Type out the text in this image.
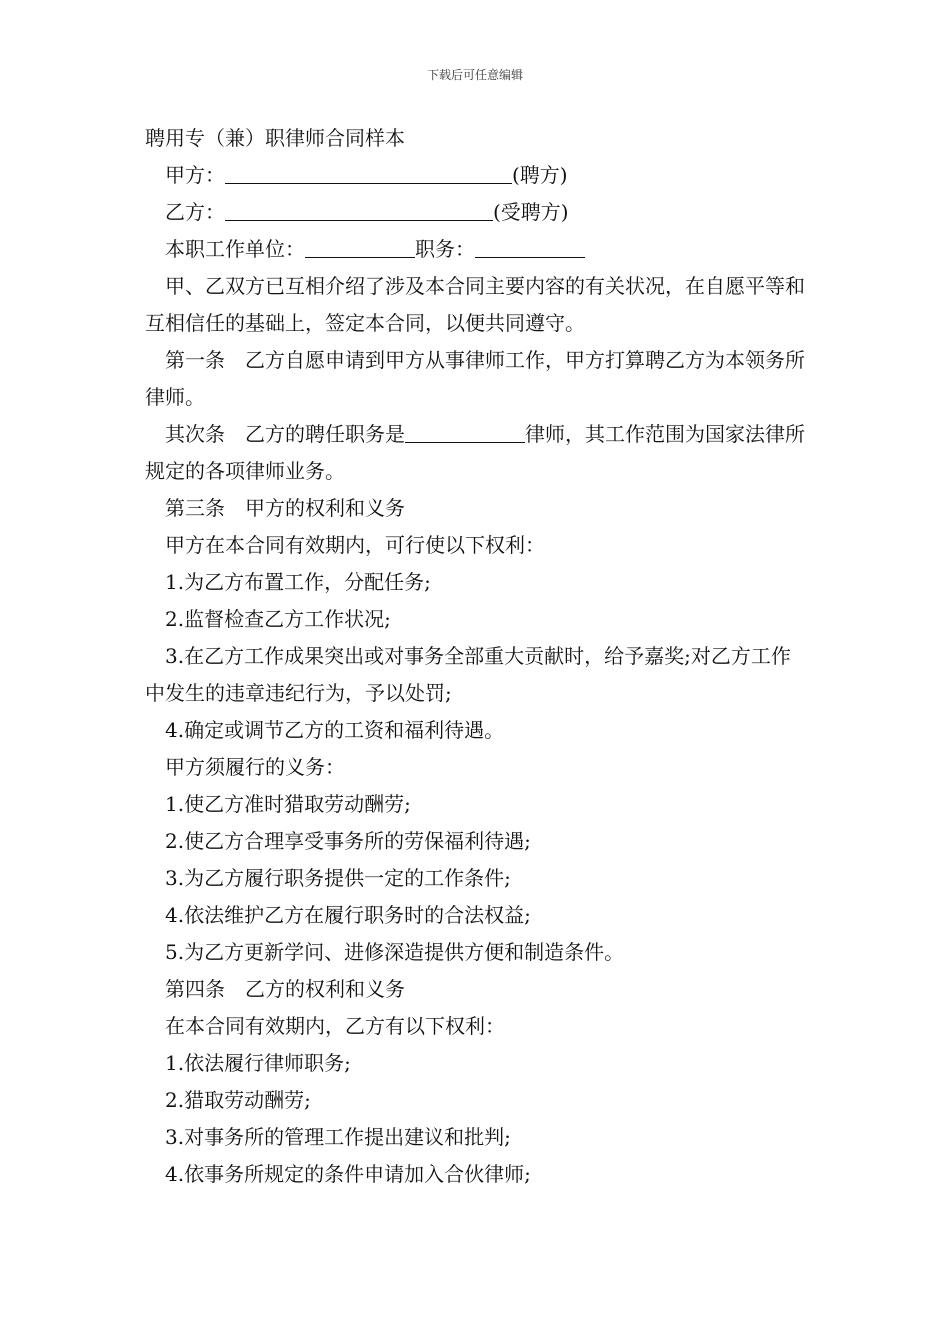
下载后可任意编辑
聘用专（兼）职律师合同样本
甲方：	(聘方)
乙方：	(受聘方)
本职工作单位：	职务：
甲、乙双方已互相介绍了涉及本合同主要内容的有关状况，在自愿平等和互相信任的基础上，签定本合同，以便共同遵守。
第一条　乙方自愿申请到甲方从事律师工作，甲方打算聘乙方为本领务所律师。
其次条　乙方的聘任职务是	律师，其工作范围为国家法律所规定的各项律师业务。
第三条　甲方的权利和义务
甲方在本合同有效期内，可行使以下权利：
1.为乙方布置工作，分配任务;
2.监督检查乙方工作状况;
3.在乙方工作成果突出或对事务全部重大贡献时，给予嘉奖;对乙方工作中发生的违章违纪行为，予以处罚;
4.确定或调节乙方的工资和福利待遇。
甲方须履行的义务：
1.使乙方准时猎取劳动酬劳;
2.使乙方合理享受事务所的劳保福利待遇;
3.为乙方履行职务提供一定的工作条件;
4.依法维护乙方在履行职务时的合法权益;
5.为乙方更新学问、进修深造提供方便和制造条件。
第四条　乙方的权利和义务
在本合同有效期内，乙方有以下权利：
1.依法履行律师职务;
2.猎取劳动酬劳;
3.对事务所的管理工作提出建议和批判;
4.依事务所规定的条件申请加入合伙律师;
